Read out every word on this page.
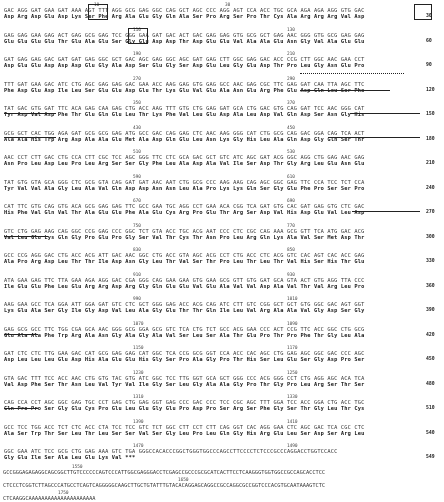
10	30
GAC AGG GAT GAA GAT AAA AGT TTT AGG GCG GAG GGC CAG GCT AGC CCC AGG AGT CCA ACC TGC GCA AGA AGA AGG GTG GAC
Asp Arg Asp Glu Asp Lys Ser Phe Arg Ala Glu Gly Gln Ala Ser Pro Arg Ser Pro Thr Cys Ala Arg Arg Arg Val Asp	30
110	130
GAG GAG GAA GAG ACT GAG GCG GAG TCC GGG GAA GAT GAC ACT GAC GAG GAG GTG GCG GCT GAG AAC GGG GTG GCG GAG GAG
Glu Glu Glu Glu Thr Glu Ala Glu Ser Gly Glu Asp Asp Thr Asp Glu Glu Val Ala Ala Glu Asn Gly Val Ala Glu Glu	60
190	210
GAT GAG GAG GAC GAT GAT GAG GGC GCT GAC AGC GAG GGC AGC GAT GAG CTT GGC GAG GAC ACC CCG CTT GGC AAC GAA CCT
Asp Glu Glu Asp Asp Asp Glu Gly Ala Asp Ser Glu Gly Ser Asp Glu Leu Gly Glu Asp Thr Pro Leu Gly Asn Glu Pro	90
270	290
TTT GAT GAA GAC ATC CTG AGC GAG GAG GAC GAA ACC AAG GAG GTG GAG GCC AAC GAG CGC TTC GAG GAT CAA TTA AGC TTC
Phe Asp Glu Asp Ile Leu Ser Glu Glu Asp Glu Thr Lys Glu Val Glu Ala Asn Glu Arg Phe Glu Asp Gln Leu Ser Phe	120
350	370
TAT GAC GTG GAT TTC ACA GAG CAA GAG CTG ACC AAG TTT GTG CTG GAG GAT GCA CTG GAC GTG CAG GAT TCC AAC GGG CAT
Tyr Asp Val Asp Phe Thr Glu Gln Glu Leu Thr Lys Phe Val Leu Glu Asp Ala Leu Asp Val Gln Asp Ser Asn Gly His	150
430	450
GCG GCT CAC TGG AGA GAT GCG GCG GAG ATG GCC GAC CAG GAG CTC AAC AAG GGG CAT CTG GCG CAG GAC GGA CAG TCA ACT
Ala Ala His Trp Arg Asp Ala Ala Glu Met Ala Asp Gln Glu Leu Asn Lys Gly His Leu Ala Gln Asp Gly Gln Ser Thr	180
510	530
AAC CCT CTT GAC CTG CCA CTT CGC TCC AGC GGG TTC CTC GCA GAC GCT GTC ATC AGC GAT ACG GGC AGG CTG GAG AAC GAG
Asn Pro Leu Asp Leu Pro Leu Arg Ser Ser Gly Phe Leu Ala Asp Ala Val Ile Ser Asp Thr Gly Arg Leu Glu Asn Glu	210
590	610
TAT GTG GTA GCA GGG CTC GCG GTA CAG GAT GAT AAC AAT CTG GCG CCC AAG AAG CAG AGC GGC GAG TTC CCA TCC TCT CCA
Tyr Val Val Ala Gly Leu Ala Val Gln Asp Asp Asn Asn Leu Ala Pro Lys Lys Gln Ser Gly Glu Phe Pro Ser Ser Pro	240
670	690
CAT TTC GTG CAG GTG ACA GCG GAG GAG TTC GCC GAA TGC AGG CCT GAA ACA CGG TCA GAT GTG CAC GAT GAG GTG CTC GAC
His Phe Val Gln Val Thr Ala Glu Glu Phe Ala Glu Cys Arg Pro Glu Thr Arg Ser Asp Val His Asp Glu Val Leu Asp	270
750	770
GTC CTG GAG AAG CAG GGC CCG GAG CCC GGC TCT GTA ACC TGC ACG AAT CCC CTC CGC CAG AAA GCG GTT TCA ATG GAC ACG
Val Leu Glu Lys Gln Gly Pro Glu Pro Gly Ser Val Thr Cys Thr Asn Pro Leu Arg Gln Lys Ala Val Ser Met Asp Thr	300
830	850
GCC CCG AGG GAC CTG ACC ACG ATT GAC AAC GGC CTG ACC GTA AGC ACG CCT CTG ACC CTC ACG GTC CAC AGT CAC ACC GAG
Ala Pro Arg Asp Leu Thr Thr Ile Asp Asn Gly Leu Thr Val Ser Thr Pro Leu Thr Leu Thr Val His Ser His Thr Glu	330
910	930
ATA GAA GAG TTC TTA GAA AGA AGG GAC CGA GGG CAG GAA GAA GTG GAA GCG GTT GTG GAT GCA GTA ACT GTG AGG TTA CCC
Ile Glu Glu Phe Leu Glu Arg Arg Asp Arg Gly Gln Glu Glu Val Glu Ala Val Val Asp Ala Val Thr Val Arg Leu Pro	360
990	1010
AAG GAA GCC TCA GGA ATT GGA GAT GTC CTC GCT GGG GAG ACC ACG CAG ATC CTT GTC CGG GCT GCT GTG GGC GAC AGT GGT
Lys Glu Ala Ser Gly Ile Gly Asp Val Leu Ala Gly Glu Thr Thr Gln Ile Leu Val Arg Ala Ala Val Gly Asp Ser Gly	390
1070	1090
GAG GCG GCC TTC TGG CGA GCA AAC GGG GCG GGA GCG GTC TCA CTG TCT GCC ACG GAA CCC ACT CCG TTC ACC GGC CTG GCG
Glu Ala Ala Phe Trp Arg Ala Asn Gly Ala Gly Ala Val Ser Leu Ser Ala Thr Glu Pro Thr Pro Phe Thr Gly Leu Ala	420
1150	1170
GAT CTC CTC TTG GAA GAC CAT GCG GAG GAG CAT GGC TCA CCG GCG GGT CCA ACC CAC AGC CTG GAG AGC GGC GAC CCC AGC
Asp Leu Leu Leu Glu Asp His Ala Glu Glu His Gly Ser Pro Ala Gly Pro Thr His Ser Leu Glu Ser Gly Asp Pro Ser	450
1230	1250
GTA GAC TTT TCC ACC AAC CTG GTG TAC GTG ATC GGC TCC TTG GGT GCA GCT GGG CCC ACG GGG CCT CTG AGG AGC ACA TCA
Val Asp Phe Ser Thr Asn Leu Val Tyr Val Ile Gly Ser Leu Gly Ala Ala Gly Pro Thr Gly Pro Leu Arg Ser Thr Ser	480
1310	1330
CAG CCA CCT AGC GGC GAG TGC CCT GAG CTG GAG GGT GAG CCC GAC CCC TCC CGC AGC TTT GGA TCC ACC GGA CTG ACC TGC
Gln Pro Pro Ser Gly Glu Cys Pro Glu Leu Glu Gly Glu Pro Asp Pro Ser Arg Ser Phe Gly Ser Thr Gly Leu Thr Cys	510
1390	1410
GCC TCC TGG ACC TCT CTC ACC CTA TCC TCC GTC TCT GGC CTT CCT CTT CAG GGT CAC AGG GAA CTC AGC GAC TCA CGC CTC
Ala Ser Trp Thr Ser Leu Thr Leu Ser Ser Val Ser Gly Leu Pro Leu Gln Gly His Arg Glu Leu Ser Asp Ser Arg Leu	540
1470	1490
GGC GAA ATC TCC GCG CTG GAG AAA GTC TGA GGGCCACACCCGGCTGGGTGGCCCAGCCTTCCCCTCTCCCGCCCAGGACCTGGTCCACC
Gly Glu Ile Ser Ala Leu Glu Lys Val ***	549
1550
GCCGGGAGAGAGGCAGCGGCTTGTCCCCCCAGTCCCATTGGCGAGGGACCTCGAGCCGCCCGCGCATCACTTCCTCAAGGGTGGTGGCCGCCAGCACCTCC
1650
CTCCCTCGGTCTTAGCCCATGCCTCAGTCAGGGGGCAAGCTTGCTGTATTTGTACACAGGAGCAGGCCGCCAGGCGCCGGTCCCACGTGCAATAAAGTCTC
1750
CTCAAGGCAAAAAAAAAAAAAAAAAAAAA
